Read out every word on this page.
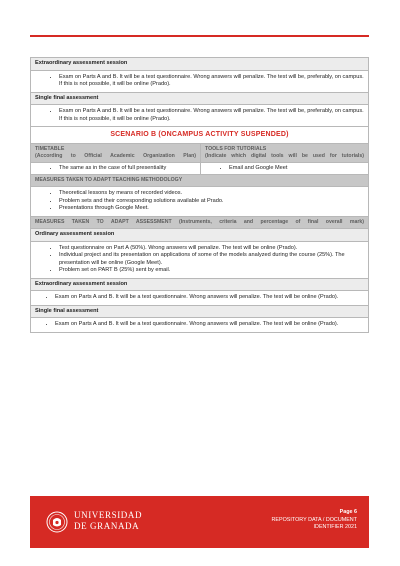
Extraordinary assessment session
• Exam on Parts A and B. It will be a test questionnaire. Wrong answers will penalize. The test will be, preferably, on campus. If this is not possible, it will be online (Prado).
Single final assessment
• Exam on Parts A and B. It will be a test questionnaire. Wrong answers will penalize. The test will be, preferably, on campus. If this is not possible, it will be online (Prado).
SCENARIO B (ONCAMPUS ACTIVITY SUSPENDED)
TIMETABLE
(According to Official Academic Organization Plan)
TOOLS FOR TUTORIALS
(Indicate which digital tools will be used for tutorials)
• The same as in the case of full presentiality
•	Email and Google Meet
MEASURES TAKEN TO ADAPT TEACHING METHODOLOGY
• Theoretical lessons by means of recorded videos.
• Problem sets and their corresponding solutions available at Prado.
• Presentations through Google Meet.
MEASURES TAKEN TO ADAPT ASSESSMENT (Instruments, criteria and percentage of final overall mark)
Ordinary assessment session
• Test questionnaire on Part A (50%). Wrong answers will penalize. The test will be online (Prado).
• Individual project and its presentation on applications of some of the models analyzed during the course (25%). The presentation will be online (Google Meet).
• Problem set on PART B (25%) sent by email.
Extraordinary assessment session
• Exam on Parts A and B. It will be a test questionnaire. Wrong answers will penalize. The test will be online (Prado).
Single final assessment
• Exam on Parts A and B. It will be a test questionnaire. Wrong answers will penalize. The test will be online (Prado).
UNIVERSIDAD
DE GRANADA
Page 6
REPOSITORY DATA / DOCUMENT
IDENTIFIER 2021
